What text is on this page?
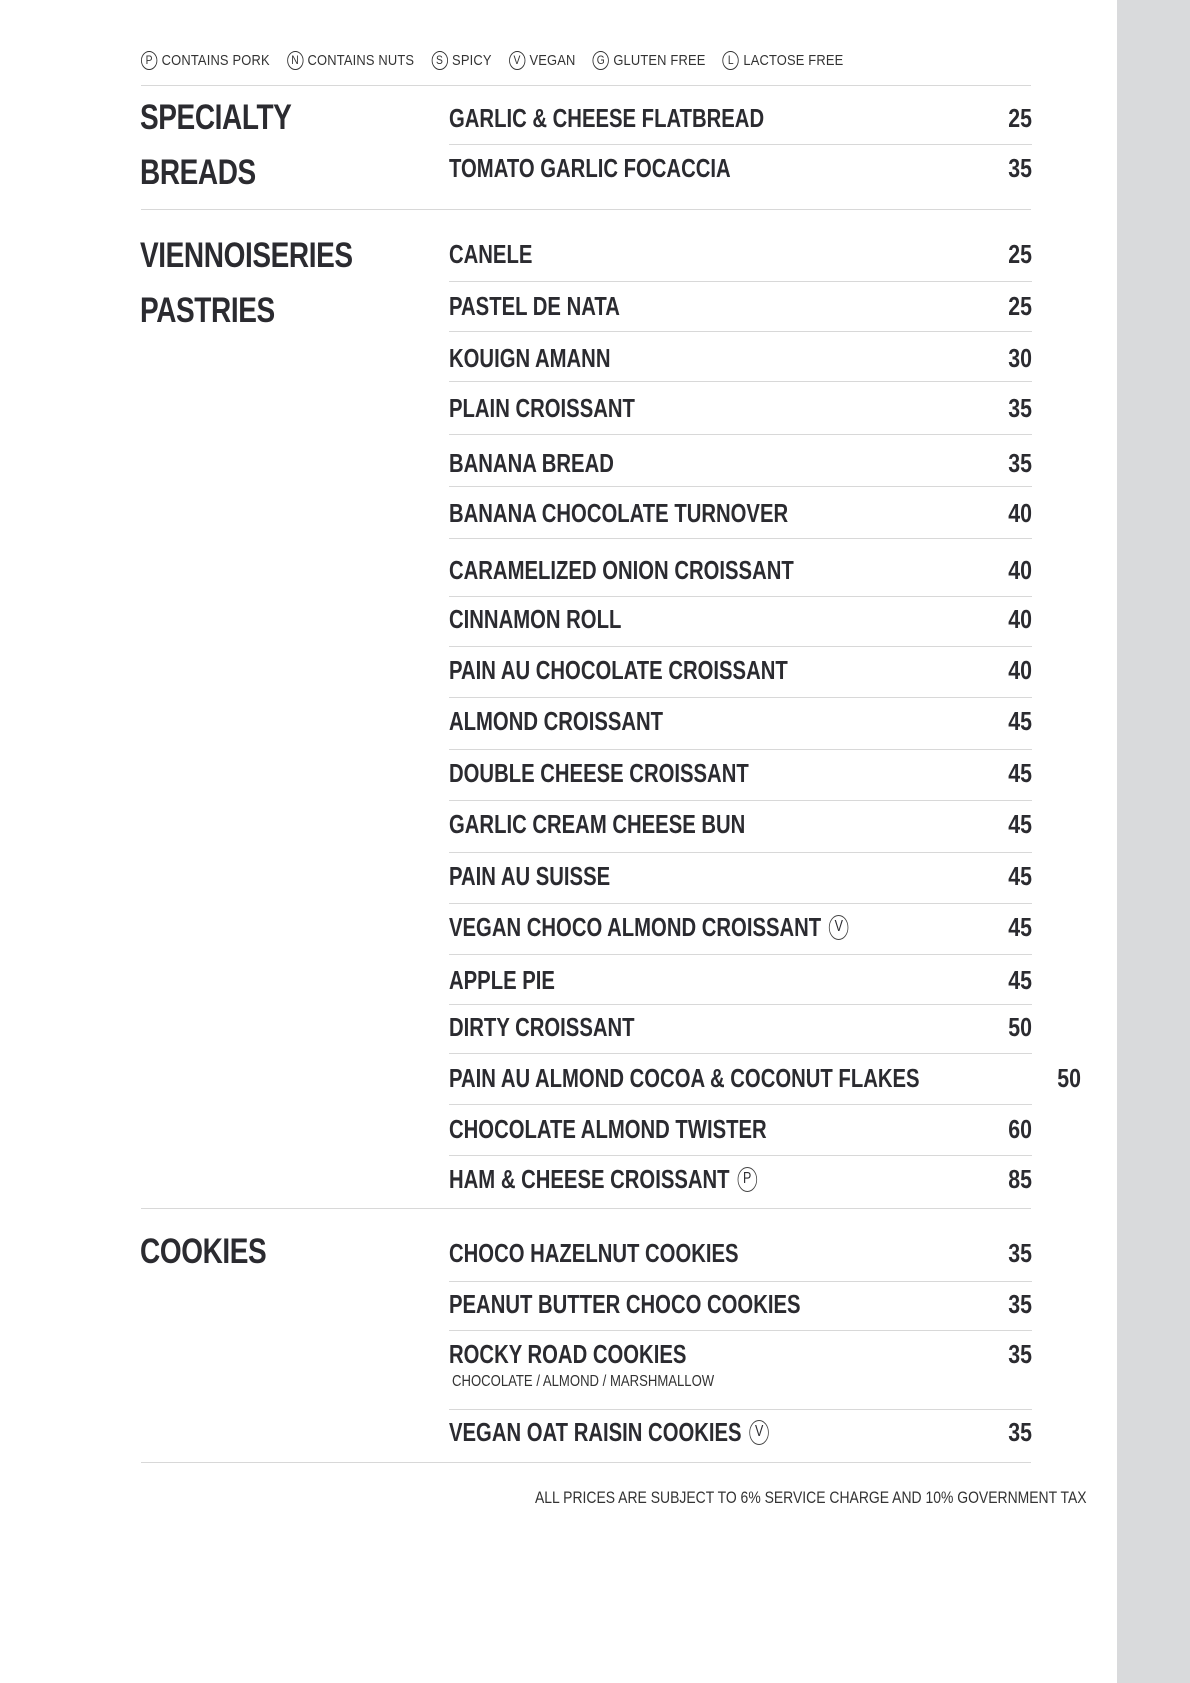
P CONTAINS PORK	N CONTAINS NUTS	S SPICY	V VEGAN	G GLUTEN FREE	L LACTOSE FREE
SPECIALTY
BREADS
GARLIC & CHEESE FLATBREAD	25
TOMATO GARLIC FOCACCIA	35
VIENNOISERIES
PASTRIES
CANELE	25
PASTEL DE NATA	25
KOUIGN AMANN	30
PLAIN CROISSANT	35
BANANA BREAD	35
BANANA CHOCOLATE TURNOVER	40
CARAMELIZED ONION CROISSANT	40
CINNAMON ROLL	40
PAIN AU CHOCOLATE CROISSANT	40
ALMOND CROISSANT	45
DOUBLE CHEESE CROISSANT	45
GARLIC CREAM CHEESE BUN	45
PAIN AU SUISSE	45
VEGAN CHOCO ALMOND CROISSANT V	45
APPLE PIE	45
DIRTY CROISSANT	50
PAIN AU ALMOND COCOA & COCONUT FLAKES	50
CHOCOLATE ALMOND TWISTER	60
HAM & CHEESE CROISSANT P	85
COOKIES	CHOCO HAZELNUT COOKIES	35
PEANUT BUTTER CHOCO COOKIES	35
ROCKY ROAD COOKIES	35
CHOCOLATE / ALMOND / MARSHMALLOW
VEGAN OAT RAISIN COOKIES V	35
ALL PRICES ARE SUBJECT TO 6% SERVICE CHARGE AND 10% GOVERNMENT TAX
